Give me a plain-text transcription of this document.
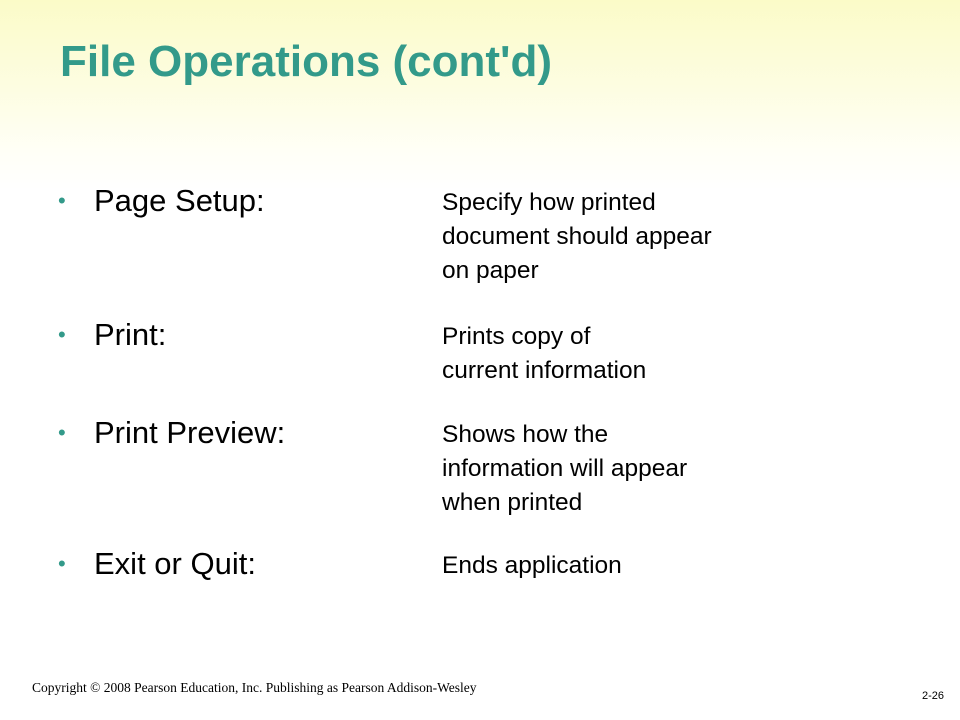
File Operations (cont'd)
• Page Setup:	Specify how printed
document should appear
on paper
• Print:	Prints copy of
current information
• Print Preview:	Shows how the
information will appear
when printed
• Exit or Quit:	Ends application
Copyright © 2008 Pearson Education, Inc. Publishing as Pearson Addison-Wesley
2-26
